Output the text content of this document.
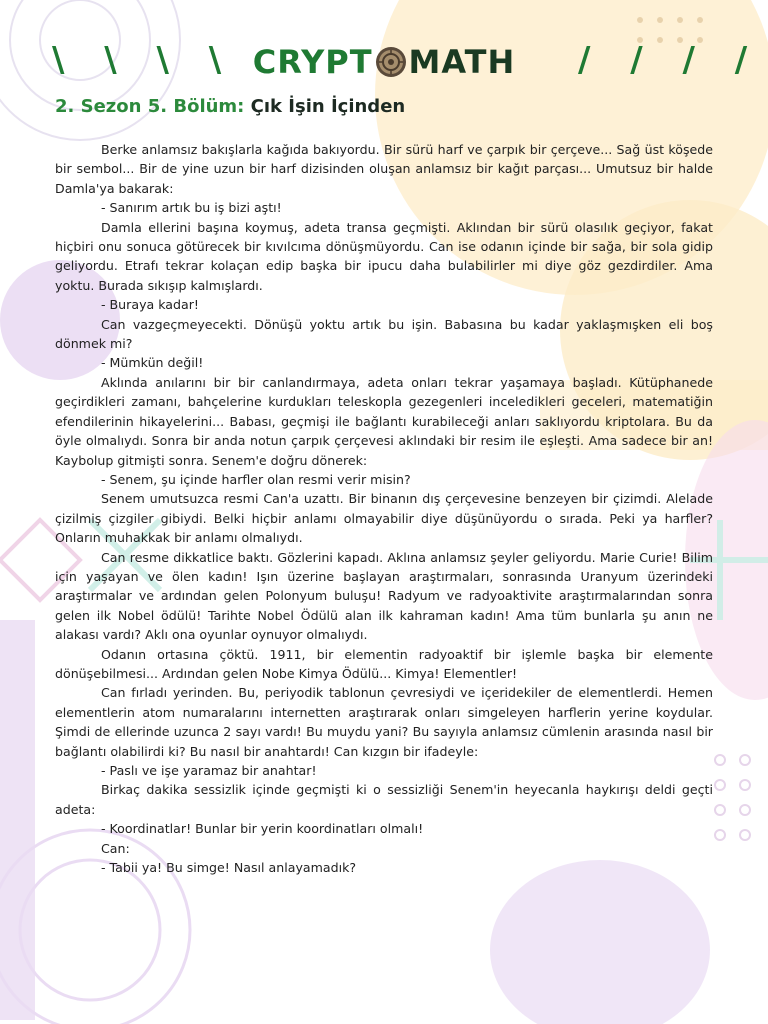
\ \ \ \ CRYPT MATH / / / /
2. Sezon 5. Bölüm: Çık İşin İçinden

Berke anlamsız bakışlarla kağıda bakıyordu. Bir sürü harf ve çarpık bir çerçeve... Sağ üst köşede bir sembol... Bir de yine uzun bir harf dizisinden oluşan anlamsız bir kağıt parçası... Umutsuz bir halde Damla'ya bakarak:

- Sanırım artık bu iş bizi aştı!

Damla ellerini başına koymuş, adeta transa geçmişti. Aklından bir sürü olasılık geçiyor, fakat hiçbiri onu sonuca götürecek bir kıvılcıma dönüşmüyordu. Can ise odanın içinde bir sağa, bir sola gidip geliyordu. Etrafı tekrar kolaçan edip başka bir ipucu daha bulabilirler mi diye göz gezdirdiler. Ama yoktu. Burada sıkışıp kalmışlardı.

- Buraya kadar!

Can vazgeçmeyecekti. Dönüşü yoktu artık bu işin. Babasına bu kadar yaklaşmışken eli boş dönmek mi?

- Mümkün değil!

Aklında anılarını bir bir canlandırmaya, adeta onları tekrar yaşamaya başladı. Kütüphanede geçirdikleri zamanı, bahçelerine kurdukları teleskopla gezegenleri inceledikleri geceleri, matematiğin efendilerinin hikayelerini... Babası, geçmişi ile bağlantı kurabileceği anları saklıyordu kriptolara. Bu da öyle olmalıydı. Sonra bir anda notun çarpık çerçevesi aklındaki bir resim ile eşleşti. Ama sadece bir an! Kaybolup gitmişti sonra. Senem'e doğru dönerek:

- Senem, şu içinde harfler olan resmi verir misin?

Senem umutsuzca resmi Can'a uzattı. Bir binanın dış çerçevesine benzeyen bir çizimdi. Alelade çizilmiş çizgiler gibiydi. Belki hiçbir anlamı olmayabilir diye düşünüyordu o sırada. Peki ya harfler? Onların muhakkak bir anlamı olmalıydı.

Can resme dikkatlice baktı. Gözlerini kapadı. Aklına anlamsız şeyler geliyordu. Marie Curie! Bilim için yaşayan ve ölen kadın! Işın üzerine başlayan araştırmaları, sonrasında Uranyum üzerindeki araştırmalar ve ardından gelen Polonyum buluşu! Radyum ve radyoaktivite araştırmalarından sonra gelen ilk Nobel ödülü! Tarihte Nobel Ödülü alan ilk kahraman kadın! Ama tüm bunlarla şu anın ne alakası vardı? Aklı ona oyunlar oynuyor olmalıydı.

Odanın ortasına çöktü. 1911, bir elementin radyoaktif bir işlemle başka bir elemente dönüşebilmesi... Ardından gelen Nobe Kimya Ödülü... Kimya! Elementler!

Can fırladı yerinden. Bu, periyodik tablonun çevresiydi ve içeridekiler de elementlerdi. Hemen elementlerin atom numaralarını internetten araştırarak onları simgeleyen harflerin yerine koydular. Şimdi de ellerinde uzunca 2 sayı vardı! Bu muydu yani? Bu sayıyla anlamsız cümlenin arasında nasıl bir bağlantı olabilirdi ki? Bu nasıl bir anahtardı! Can kızgın bir ifadeyle:

- Paslı ve işe yaramaz bir anahtar!

Birkaç dakika sessizlik içinde geçmişti ki o sessizliği Senem'in heyecanla haykırışı deldi geçti adeta:

- Koordinatlar! Bunlar bir yerin koordinatları olmalı!

Can:

- Tabii ya! Bu simge! Nasıl anlayamadık?
